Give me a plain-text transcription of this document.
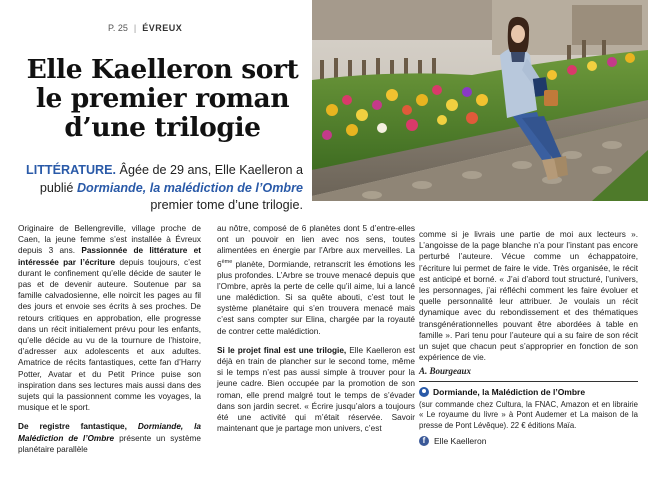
P. 25 | ÉVREUX
Elle Kaelleron sort
le premier roman
d’une trilogie
LITTÉRATURE. Âgée de 29 ans, Elle Kaelleron a publié Dormiande, la malédiction de l’Ombre premier tome d’une trilogie.

Originaire de Bellengreville, village proche de Caen, la jeune femme s’est installée à Évreux depuis 3 ans. Passionnée de littérature et intéressée par l’écriture depuis toujours, c’est durant le confinement qu’elle décide de sauter le pas et de devenir auteure. Soutenue par sa famille calvadosienne, elle noircit les pages au fil des jours et envoie ses écrits à ses proches. De retours critiques en approbation, elle progresse dans un récit initialement prévu pour les enfants, qu’elle décide au vu de la tournure de l’histoire, d’adresser aux adolescents et aux adultes. Amatrice de récits fantastiques, cette fan d’Harry Potter, Avatar et du Petit Prince puise son inspiration dans ses lectures mais aussi dans des sujets qui la passionnent comme les voyages, la musique et le sport.

De registre fantastique, Dormiande, la Malédiction de l’Ombre présente un système planétaire parallèle

au nôtre, composé de 6 planètes dont 5 d’entre-elles ont un pouvoir en lien avec nos sens, toutes alimentées en énergie par l’Arbre aux merveilles. La 6ème planète, Dormiande, retranscrit les émotions les plus profondes. L’Arbre se trouve menacé depuis que l’Ombre, après la perte de celle qu’il aime, lui a lancé une malédiction. Si sa quête abouti, c’est tout le système planétaire qui s’en trouvera menacé mais c’est sans compter sur Elina, chargée par la royauté de contrer cette malédiction.

Si le projet final est une trilogie, Elle Kaelleron est déjà en train de plancher sur le second tome, même si le temps n’est pas aussi simple à trouver pour la jeune cadre. Bien occupée par la promotion de son roman, elle prend malgré tout le temps de s’évader dans son jardin secret. « Écrire jusqu’alors a toujours été une activité qui m’était réservée. Savoir maintenant que je partage mon univers, c’est

comme si je livrais une partie de moi aux lecteurs ». L’angoisse de la page blanche n’a pour l’instant pas encore perturbé l’auteure. Vécue comme un échappatoire, l’écriture lui permet de faire le vide. Très organisée, le récit est anticipé et borné. « J’ai d’abord tout structuré, l’univers, les personnages, j’ai réfléchi comment les faire évoluer et quelle personnalité leur attribuer. Je voulais un récit dynamique avec du rebondissement et des thématiques transgénérationnelles pouvant être abordées à table en famille ». Pari tenu pour l’auteure qui a su faire de son récit un sujet que chacun peut s’approprier en fonction de son expérience de vie.

A. Bourgeaux
Dormiande, la Malédiction de l’Ombre
(sur commande chez Cultura, la FNAC, Amazon et en librairie « Le royaume du livre » à Pont Audemer et La maison de la presse de Pont Lévêque). 22 € éditions Maïa.
f	Elle Kaelleron
